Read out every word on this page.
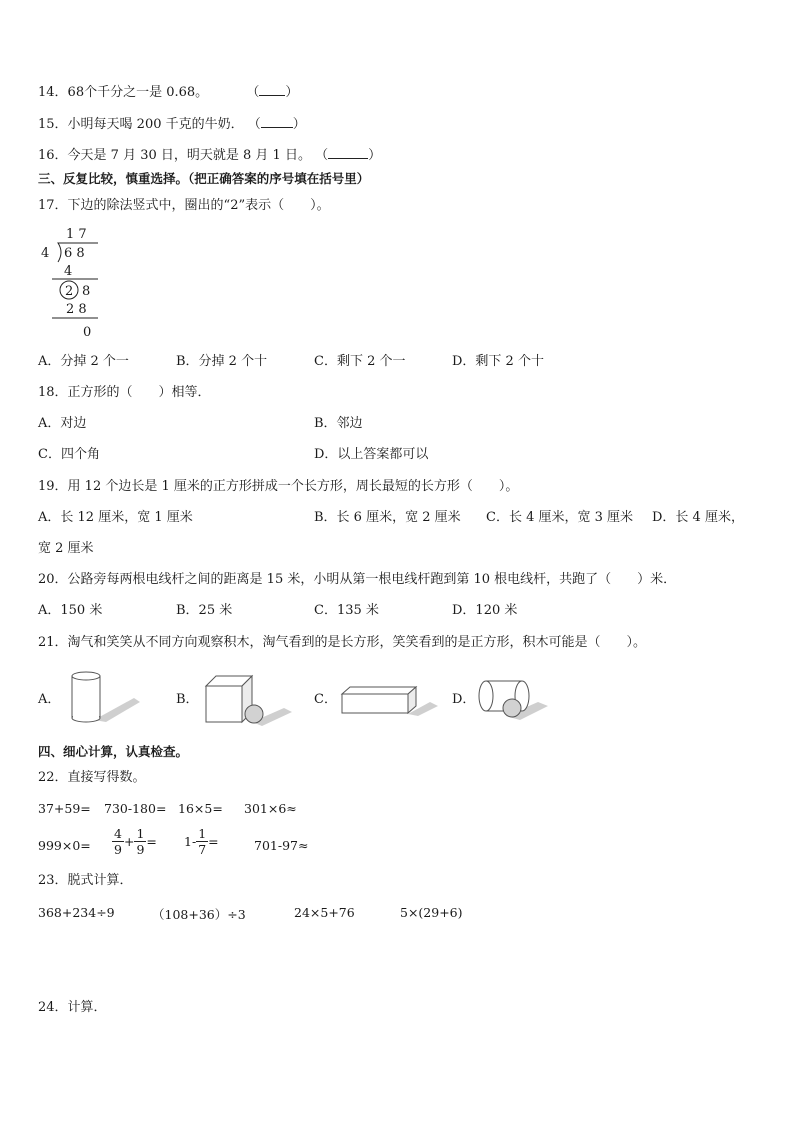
14．68个千分之一是 0.68。	（ ）
15．小明每天喝 200 千克的牛奶． （ ）
16．今天是 7 月 30 日，明天就是 8 月 1 日。 （	）
三、反复比较，慎重选择。（把正确答案的序号填在括号里）
17．下边的除法竖式中，圈出的“2”表示（　　）。
1 7
4 6 8
4
2 8
2 8
0
A．分掉 2 个一	B．分掉 2 个十	C．剩下 2 个一	D．剩下 2 个十
18．正方形的（　　）相等．
A．对边	B．邻边
C．四个角	D．以上答案都可以
19．用 12 个边长是 1 厘米的正方形拼成一个长方形，周长最短的长方形（　　）。
A．长 12 厘米，宽 1 厘米	B．长 6 厘米，宽 2 厘米 C．长 4 厘米，宽 3 厘米 D．长 4 厘米，
宽 2 厘米
20．公路旁每两根电线杆之间的距离是 15 米，小明从第一根电线杆跑到第 10 根电线杆，共跑了（　　）米．
A．150 米	B．25 米	C．135 米	D．120 米
21．淘气和笑笑从不同方向观察积木，淘气看到的是长方形，笑笑看到的是正方形，积木可能是（　　）。
A．	B．	C．	D．
四、细心计算，认真检查。
22．直接写得数。
37+59= 730-180= 16×5= 301×6≈
$999\times 0= \frac{4}{9} + \frac{1}{9} = 1- \frac{1}{7}$ =	701-97≈
23．脱式计算．
368+234÷9	（108+36）÷3	24×5+76	5×(29+6)
24．计算．
